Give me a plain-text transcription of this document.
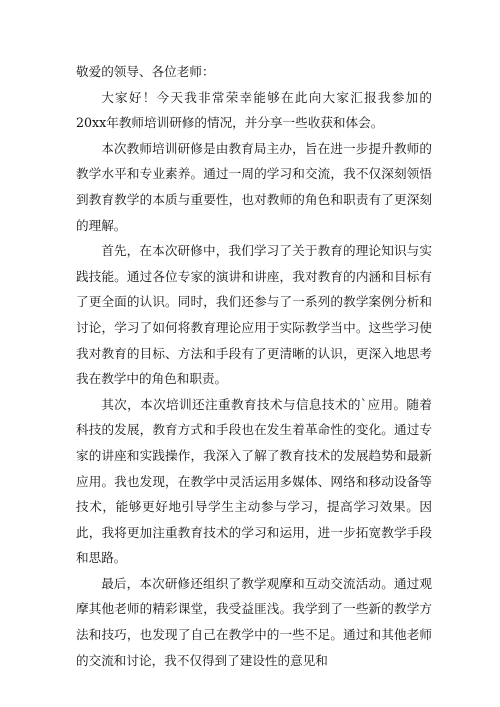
敬爱的领导、各位老师：

大家好！今天我非常荣幸能够在此向大家汇报我参加的20xx年教师培训研修的情况，并分享一些收获和体会。

本次教师培训研修是由教育局主办，旨在进一步提升教师的教学水平和专业素养。通过一周的学习和交流，我不仅深刻领悟到教育教学的本质与重要性，也对教师的角色和职责有了更深刻的理解。

首先，在本次研修中，我们学习了关于教育的理论知识与实践技能。通过各位专家的演讲和讲座，我对教育的内涵和目标有了更全面的认识。同时，我们还参与了一系列的教学案例分析和讨论，学习了如何将教育理论应用于实际教学当中。这些学习使我对教育的目标、方法和手段有了更清晰的认识，更深入地思考我在教学中的角色和职责。

其次，本次培训还注重教育技术与信息技术的`应用。随着科技的发展，教育方式和手段也在发生着革命性的变化。通过专家的讲座和实践操作，我深入了解了教育技术的发展趋势和最新应用。我也发现，在教学中灵活运用多媒体、网络和移动设备等技术，能够更好地引导学生主动参与学习，提高学习效果。因此，我将更加注重教育技术的学习和运用，进一步拓宽教学手段和思路。

最后，本次研修还组织了教学观摩和互动交流活动。通过观摩其他老师的精彩课堂，我受益匪浅。我学到了一些新的教学方法和技巧，也发现了自己在教学中的一些不足。通过和其他老师的交流和讨论，我不仅得到了建设性的意见和
